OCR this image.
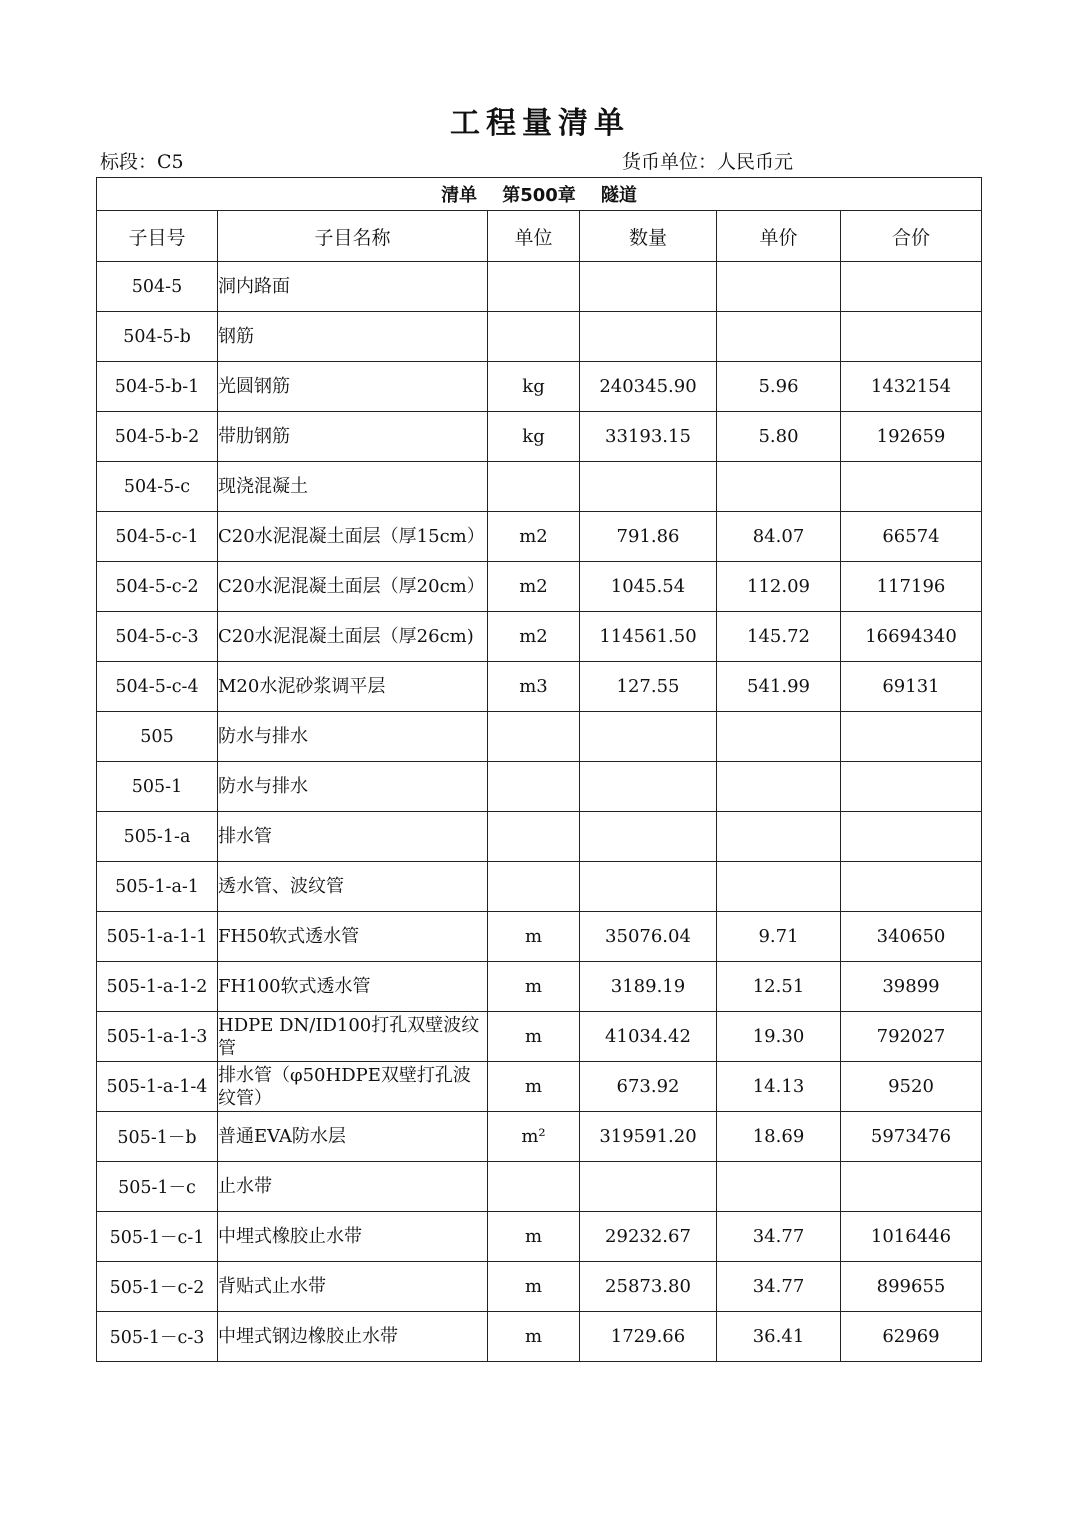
工程量清单
标段：C5	货币单位：人民币元
清单 第500章 隧道					
子目号	子目名称	单位	数量	单价	合价
504-5	洞内路面				
504-5-b	钢筋				
504-5-b-1	光圆钢筋	kg	240345.90	5.96	1432154
504-5-b-2	带肋钢筋	kg	33193.15	5.80	192659
504-5-c	现浇混凝土				
504-5-c-1	C20水泥混凝土面层（厚15cm）	m2	791.86	84.07	66574
504-5-c-2	C20水泥混凝土面层（厚20cm）	m2	1045.54	112.09	117196
504-5-c-3	C20水泥混凝土面层（厚26cm)	m2	114561.50	145.72	16694340
504-5-c-4	M20水泥砂浆调平层	m3	127.55	541.99	69131
505	防水与排水				
505-1	防水与排水				
505-1-a	排水管				
505-1-a-1	透水管、波纹管				
505-1-a-1-1	FH50软式透水管	m	35076.04	9.71	340650
505-1-a-1-2	FH100软式透水管	m	3189.19	12.51	39899
505-1-a-1-3	HDPE DN/ID100打孔双壁波纹管	m	41034.42	19.30	792027
505-1-a-1-4	排水管（φ50HDPE双壁打孔波纹管）	m	673.92	14.13	9520
505-1－b	普通EVA防水层	m²	319591.20	18.69	5973476
505-1－c	止水带				
505-1－c-1	中埋式橡胶止水带	m	29232.67	34.77	1016446
505-1－c-2	背贴式止水带	m	25873.80	34.77	899655
505-1－c-3	中埋式钢边橡胶止水带	m	1729.66	36.41	62969
